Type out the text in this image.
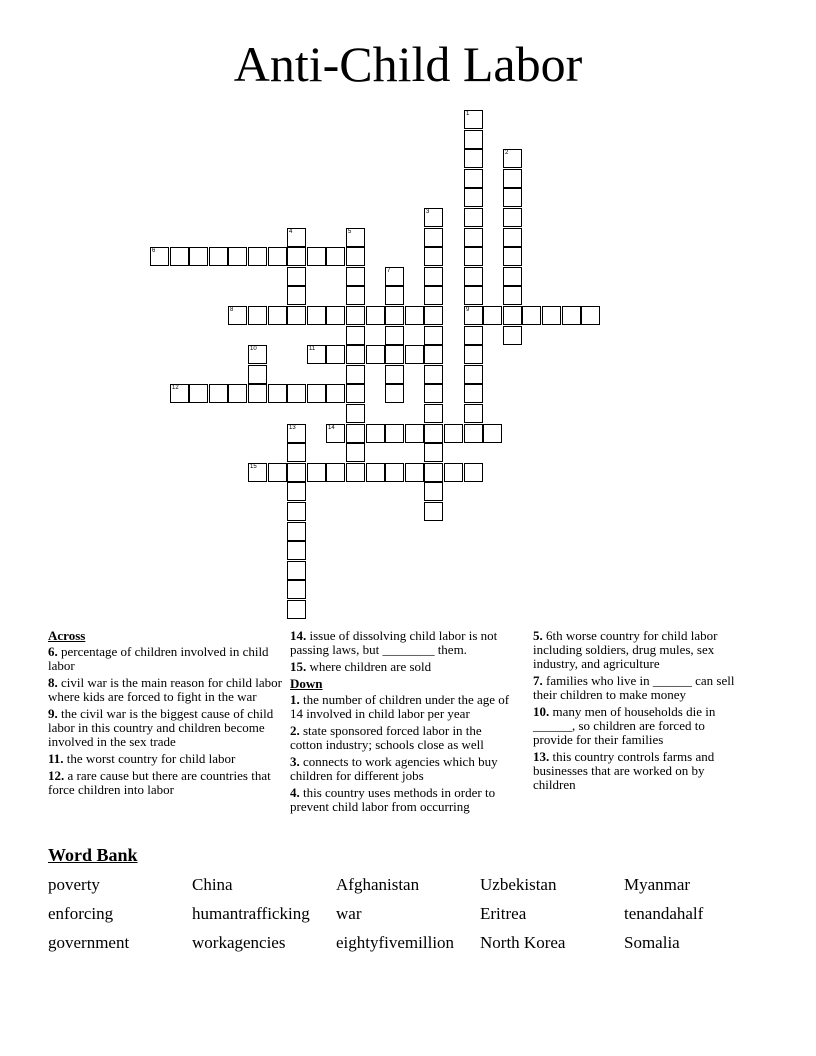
Anti-Child Labor
1
9
2
3
4	5
6
7
8
10	11
12
13	14
15
Across
6. percentage of children involved in child labor
8. civil war is the main reason for child labor where kids are forced to fight in the war
9. the civil war is the biggest cause of child labor in this country and children become involved in the sex trade
11. the worst country for child labor
12. a rare cause but there are countries that force children into labor
14. issue of dissolving child labor is not passing laws, but ________ them.
15. where children are sold
Down
1. the number of children under the age of 14 involved in child labor per year
2. state sponsored forced labor in the cotton industry; schools close as well
3. connects to work agencies which buy children for different jobs
4. this country uses methods in order to prevent child labor from occurring
5. 6th worse country for child labor including soldiers, drug mules, sex industry, and agriculture
7. families who live in ______ can sell their children to make money
10. many men of households die in ______, so children are forced to provide for their families
13. this country controls farms and businesses that are worked on by children
Word Bank
poverty	China	Afghanistan	Uzbekistan	Myanmar
enforcing	humantrafficking	war	Eritrea	tenandahalf
government	workagencies	eightyfivemillion	North Korea	Somalia
